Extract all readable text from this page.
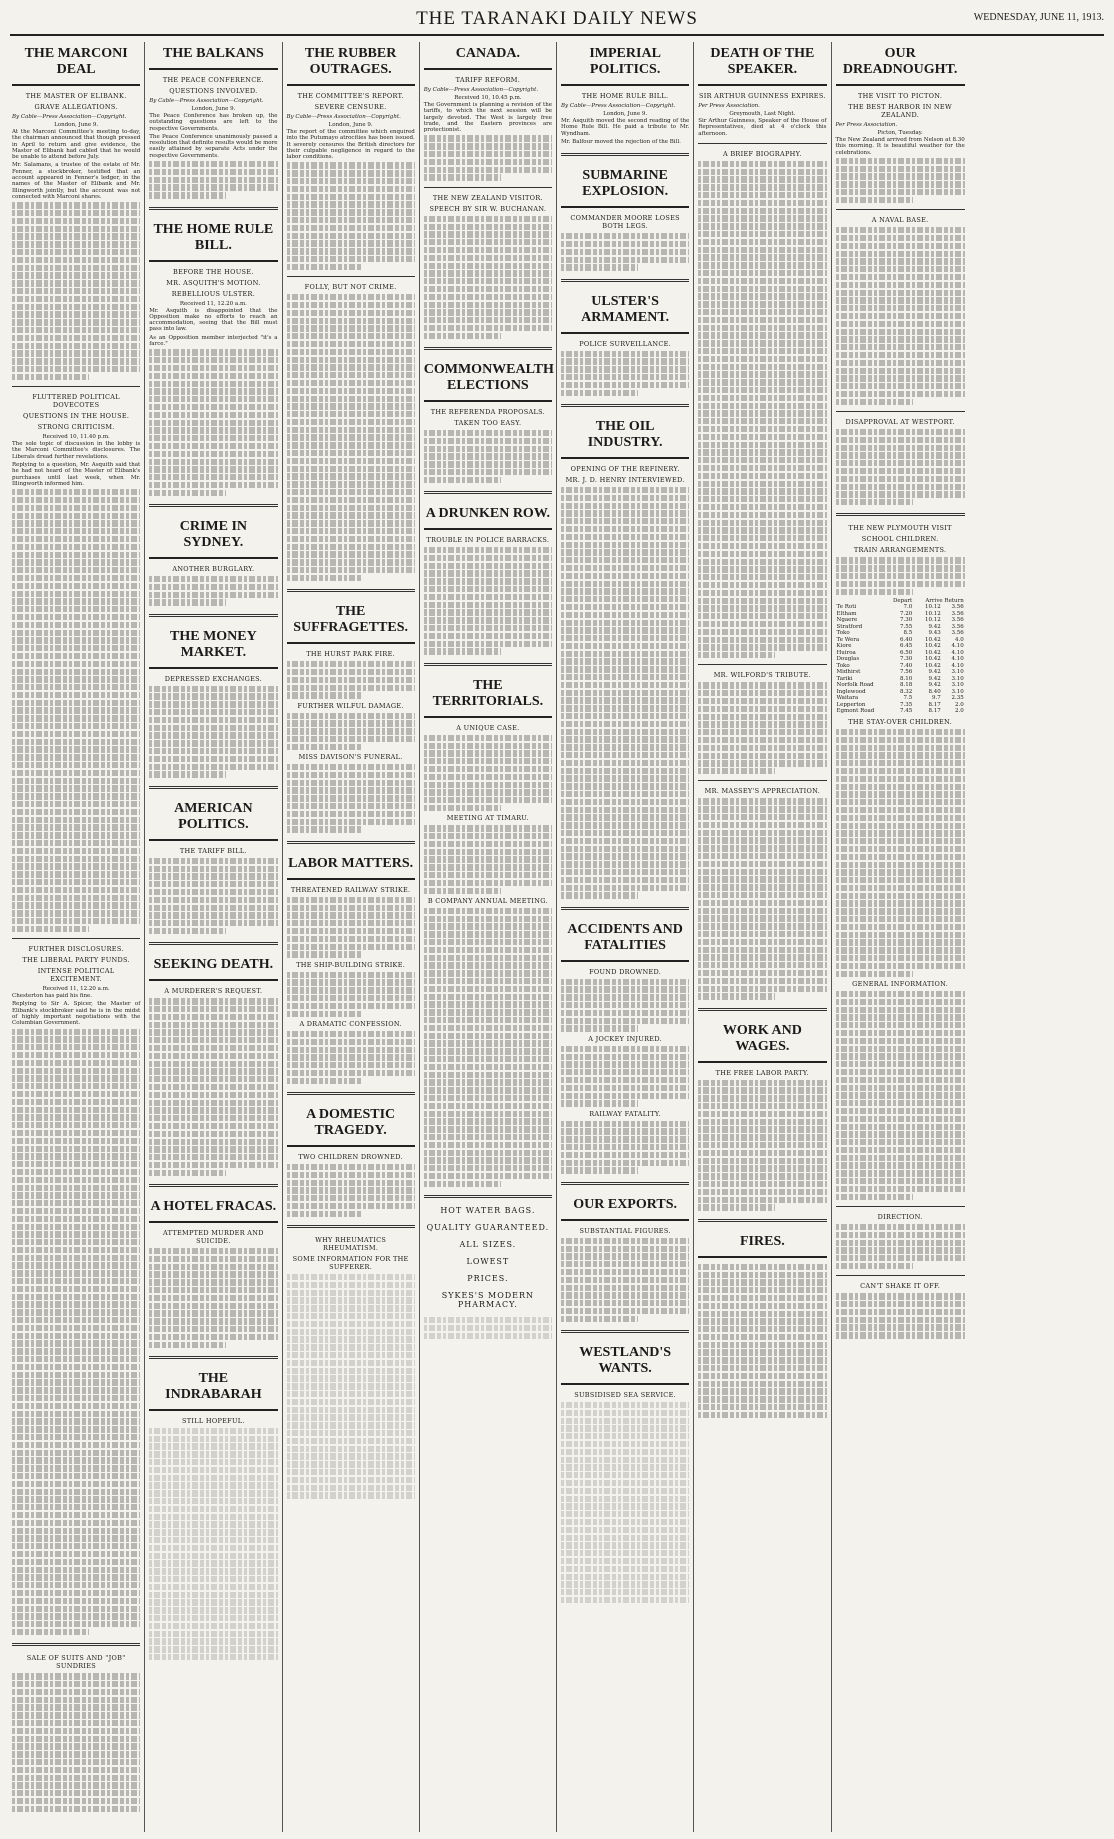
THE TARANAKI DAILY NEWS	WEDNESDAY, JUNE 11, 1913.
THE MARCONI DEAL
THE MASTER OF ELIBANK.
GRAVE ALLEGATIONS.
By Cable—Press Association—Copyright.
London, June 9.

At the Marconi Committee's meeting to-day, the chairman announced that though pressed in April to return and give evidence, the Master of Elibank had cabled that he would be unable to attend before July.

Mr. Salamans, a trustee of the estate of Mr. Fenner, a stockbroker, testified that an account appeared in Fenner's ledger, in the names of the Master of Elibank and Mr. Illingworth jointly, but the account was not connected with Marconi shares.

FLUTTERED POLITICAL DOVECOTES
QUESTIONS IN THE HOUSE.
STRONG CRITICISM.
Received 10, 11.40 p.m.

The sole topic of discussion in the lobby is the Marconi Committee's disclosures. The Liberals dread further revelations.

Replying to a question, Mr. Asquith said that he had not heard of the Master of Elibank's purchases until last week, when Mr. Illingworth informed him.

FURTHER DISCLOSURES.
THE LIBERAL PARTY FUNDS.
INTENSE POLITICAL EXCITEMENT.
Received 11, 12.20 a.m.

Chesterton has paid his fine.

Replying to Sir A. Spicer, the Master of Elibank's stockbroker said he is in the midst of highly important negotiations with the Columbian Government.

SALE OF SUITS AND "JOB" SUNDRIES
THE BALKANS
THE PEACE CONFERENCE.
QUESTIONS INVOLVED.
By Cable—Press Association—Copyright.
London, June 9.

The Peace Conference has broken up, the outstanding questions are left to the respective Governments.

The Peace Conference unanimously passed a resolution that definite results would be more easily attained by separate Acts under the respective Governments.

THE HOME RULE BILL.
BEFORE THE HOUSE.
MR. ASQUITH'S MOTION.
REBELLIOUS ULSTER.
Received 11, 12.20 a.m.

Mr. Asquith is disappointed that the Opposition make no efforts to reach an accommodation, seeing that the Bill must pass into law.

As an Opposition member interjected "it's a farce."

CRIME IN SYDNEY.
ANOTHER BURGLARY.
THE MONEY MARKET.
DEPRESSED EXCHANGES.
AMERICAN POLITICS.
THE TARIFF BILL.
SEEKING DEATH.
A MURDERER'S REQUEST.
A HOTEL FRACAS.
ATTEMPTED MURDER AND SUICIDE.
THE INDRABARAH
STILL HOPEFUL.
THE RUBBER OUTRAGES.
THE COMMITTEE'S REPORT.
SEVERE CENSURE.
By Cable—Press Association—Copyright.
London, June 9.

The report of the committee which enquired into the Putumayo atrocities has been issued. It severely censures the British directors for their culpable negligence in regard to the labor conditions.

FOLLY, BUT NOT CRIME.
THE SUFFRAGETTES.
THE HURST PARK FIRE.
FURTHER WILFUL DAMAGE.
MISS DAVISON'S FUNERAL.
LABOR MATTERS.
THREATENED RAILWAY STRIKE.
THE SHIP-BUILDING STRIKE.
A DRAMATIC CONFESSION.
A DOMESTIC TRAGEDY.
TWO CHILDREN DROWNED.
WHY RHEUMATICS RHEUMATISM.
SOME INFORMATION FOR THE SUFFERER.
CANADA.
TARIFF REFORM.
By Cable—Press Association—Copyright.
Received 10, 10.45 p.m.

The Government is planning a revision of the tariffs, to which the next session will be largely devoted. The West is largely free trade, and the Eastern provinces are protectionist.

THE NEW ZEALAND VISITOR.
SPEECH BY SIR W. BUCHANAN.
COMMONWEALTH ELECTIONS
THE REFERENDA PROPOSALS.
TAKEN TOO EASY.
A DRUNKEN ROW.
TROUBLE IN POLICE BARRACKS.
THE TERRITORIALS.
A UNIQUE CASE.
MEETING AT TIMARU.
B COMPANY ANNUAL MEETING.
HOT WATER BAGS.
QUALITY GUARANTEED.
ALL SIZES.
LOWEST
PRICES.
SYKES'S MODERN PHARMACY.
IMPERIAL POLITICS.
THE HOME RULE BILL.
By Cable—Press Association—Copyright.
London, June 9.

Mr. Asquith moved the second reading of the Home Rule Bill. He paid a tribute to Mr. Wyndham.

Mr. Balfour moved the rejection of the Bill.

SUBMARINE EXPLOSION.
COMMANDER MOORE LOSES BOTH LEGS.
ULSTER'S ARMAMENT.
POLICE SURVEILLANCE.
THE OIL INDUSTRY.
OPENING OF THE REFINERY.
MR. J. D. HENRY INTERVIEWED.
ACCIDENTS AND FATALITIES
FOUND DROWNED.
A JOCKEY INJURED.
RAILWAY FATALITY.
OUR EXPORTS.
SUBSTANTIAL FIGURES.
WESTLAND'S WANTS.
SUBSIDISED SEA SERVICE.
DEATH OF THE SPEAKER.
SIR ARTHUR GUINNESS EXPIRES.
Per Press Association.
Greymouth, Last Night.

Sir Arthur Guinness, Speaker of the House of Representatives, died at 4 o'clock this afternoon.

A BRIEF BIOGRAPHY.
MR. WILFORD'S TRIBUTE.
MR. MASSEY'S APPRECIATION.
WORK AND WAGES.
THE FREE LABOR PARTY.
FIRES.
OUR DREADNOUGHT.
THE VISIT TO PICTON.
THE BEST HARBOR IN NEW ZEALAND.
Per Press Association.
Picton, Tuesday.

The New Zealand arrived from Nelson at 8.30 this morning. It is beautiful weather for the celebrations.

A NAVAL BASE.
DISAPPROVAL AT WESTPORT.
THE NEW PLYMOUTH VISIT
SCHOOL CHILDREN.
TRAIN ARRANGEMENTS.
	Depart	Arrive Return	
Te Roti	7.0	10.12	3.56
Eltham	7.20	10.12	3.56
Ngaere	7.30	10.12	3.56
Stratford	7.55	9.42	3.56
Toko	8.5	9.43	3.56
Te Wera	6.40	10.42	4.0
Kiore	6.45	10.42	4.10
Huiroa	6.50	10.42	4.10
Douglas	7.30	10.42	4.10
Toko	7.40	10.42	4.10
Midhirst	7.56	9.42	3.10
Tariki	8.10	9.42	3.10
Norfolk Road	8.18	9.42	3.10
Inglewood	8.32	8.40	3.10
Waitara	7.5	9.7	2.35
Lepperton	7.35	8.17	2.0
Egmont Road	7.45	8.17	2.0
THE STAY-OVER CHILDREN.
GENERAL INFORMATION.
DIRECTION.
CAN'T SHAKE IT OFF.
